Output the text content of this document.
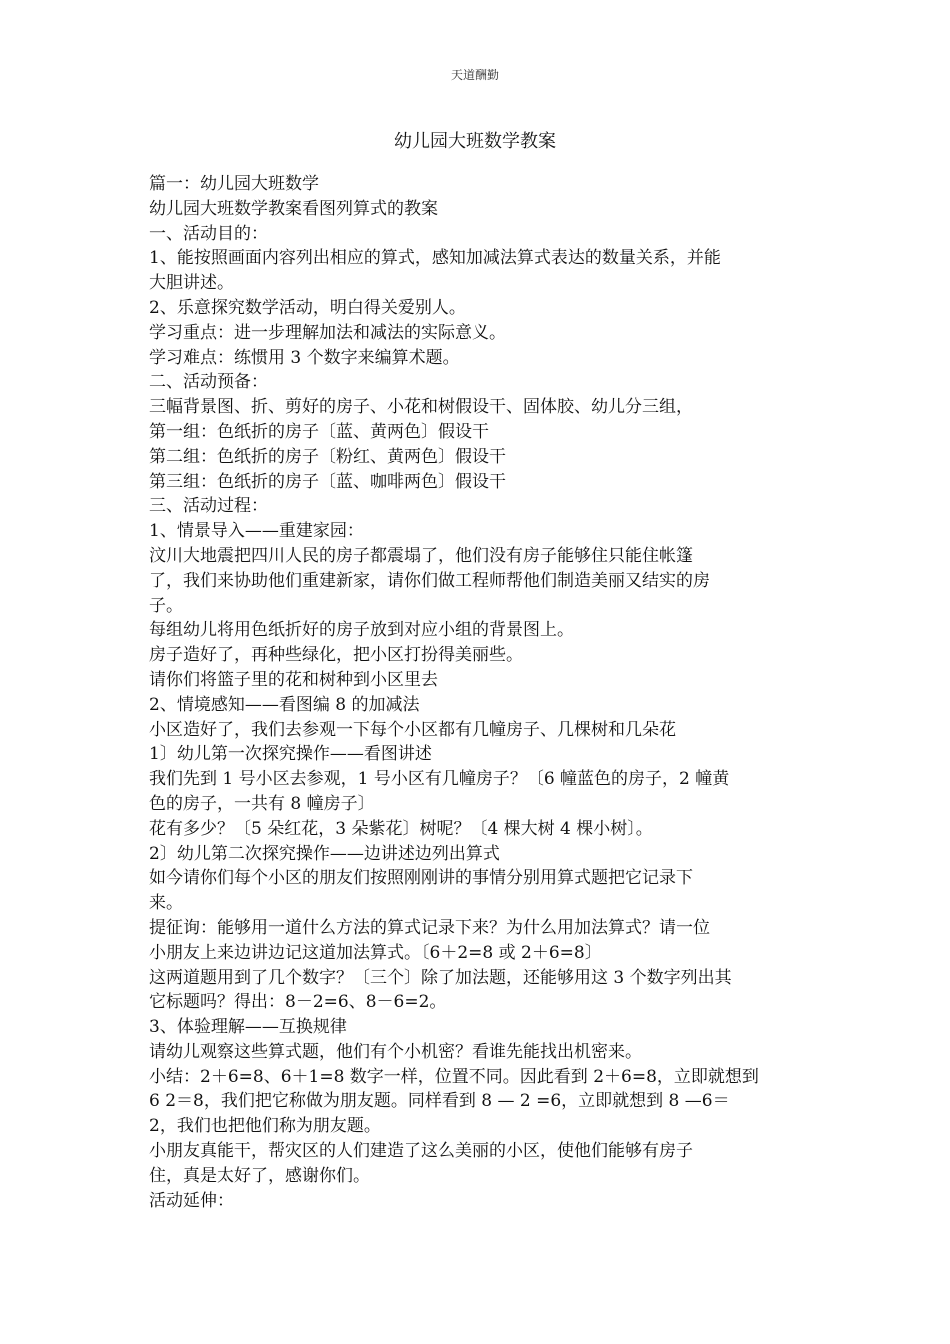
天道酬勤
幼儿园大班数学教案

篇一：幼儿园大班数学

幼儿园大班数学教案看图列算式的教案

一、活动目的：

1、能按照画面内容列出相应的算式，感知加减法算式表达的数量关系，并能

大胆讲述。

2、乐意探究数学活动，明白得关爱别人。

学习重点：进一步理解加法和减法的实际意义。

学习难点：练惯用 3 个数字来编算术题。

二、活动预备：

三幅背景图、折、剪好的房子、小花和树假设干、固体胶、幼儿分三组，

第一组：色纸折的房子〔蓝、黄两色〕假设干

第二组：色纸折的房子〔粉红、黄两色〕假设干

第三组：色纸折的房子〔蓝、咖啡两色〕假设干

三、活动过程：

1、情景导入——重建家园：

汶川大地震把四川人民的房子都震塌了，他们没有房子能够住只能住帐篷

了，我们来协助他们重建新家，请你们做工程师帮他们制造美丽又结实的房

子。

每组幼儿将用色纸折好的房子放到对应小组的背景图上。

房子造好了，再种些绿化，把小区打扮得美丽些。

请你们将篮子里的花和树种到小区里去

2、情境感知——看图编 8 的加减法

小区造好了，我们去参观一下每个小区都有几幢房子、几棵树和几朵花

1〕幼儿第一次探究操作——看图讲述

我们先到 1 号小区去参观，1 号小区有几幢房子？〔6 幢蓝色的房子，2 幢黄

色的房子，一共有 8 幢房子〕

花有多少？〔5 朵红花，3 朵紫花〕树呢？〔4 棵大树 4 棵小树〕。

2〕幼儿第二次探究操作——边讲述边列出算式

如今请你们每个小区的朋友们按照刚刚讲的事情分别用算式题把它记录下

来。

提征询：能够用一道什么方法的算式记录下来？为什么用加法算式？请一位

小朋友上来边讲边记这道加法算式。〔6＋2=8 或 2＋6=8〕

这两道题用到了几个数字？〔三个〕除了加法题，还能够用这 3 个数字列出其

它标题吗？得出：8－2=6、8－6=2。

3、体验理解——互换规律

请幼儿观察这些算式题，他们有个小机密？看谁先能找出机密来。

小结：2＋6=8、6＋1=8 数字一样，位置不同。因此看到 2＋6=8，立即就想到

6 2＝8，我们把它称做为朋友题。同样看到 8 — 2 =6，立即就想到 8 —6＝

2，我们也把他们称为朋友题。

小朋友真能干，帮灾区的人们建造了这么美丽的小区，使他们能够有房子

住，真是太好了，感谢你们。

活动延伸：
